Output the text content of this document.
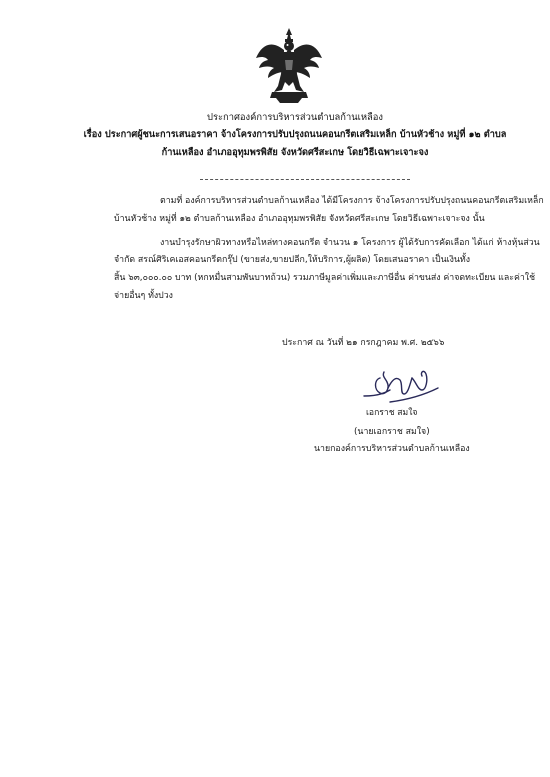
ประกาศองค์การบริหารส่วนตำบลก้านเหลือง
เรื่อง ประกาศผู้ชนะการเสนอราคา จ้างโครงการปรับปรุงถนนคอนกรีตเสริมเหล็ก บ้านหัวช้าง หมู่ที่ ๑๒ ตำบล
ก้านเหลือง อำเภออุทุมพรพิสัย จังหวัดศรีสะเกษ โดยวิธีเฉพาะเจาะจง
ตามที่ องค์การบริหารส่วนตำบลก้านเหลือง ได้มีโครงการ จ้างโครงการปรับปรุงถนนคอนกรีตเสริมเหล็ก
บ้านหัวช้าง หมู่ที่ ๑๒ ตำบลก้านเหลือง อำเภออุทุมพรพิสัย จังหวัดศรีสะเกษ โดยวิธีเฉพาะเจาะจง นั้น
งานบำรุงรักษาผิวทางหรือไหล่ทางคอนกรีต จำนวน ๑ โครงการ ผู้ได้รับการคัดเลือก ได้แก่ ห้างหุ้นส่วน
จำกัด สรณ์ศิริเคเอสคอนกรีตกรุ๊ป (ขายส่ง,ขายปลีก,ให้บริการ,ผู้ผลิต) โดยเสนอราคา เป็นเงินทั้ง
สิ้น ๖๓,๐๐๐.๐๐ บาท (หกหมื่นสามพันบาทถ้วน) รวมภาษีมูลค่าเพิ่มและภาษีอื่น ค่าขนส่ง ค่าจดทะเบียน และค่าใช้
จ่ายอื่นๆ ทั้งปวง
ประกาศ ณ วันที่ ๒๑ กรกฎาคม พ.ศ. ๒๕๖๖
เอกราช สมใจ
(นายเอกราช สมใจ)
นายกองค์การบริหารส่วนตำบลก้านเหลือง
